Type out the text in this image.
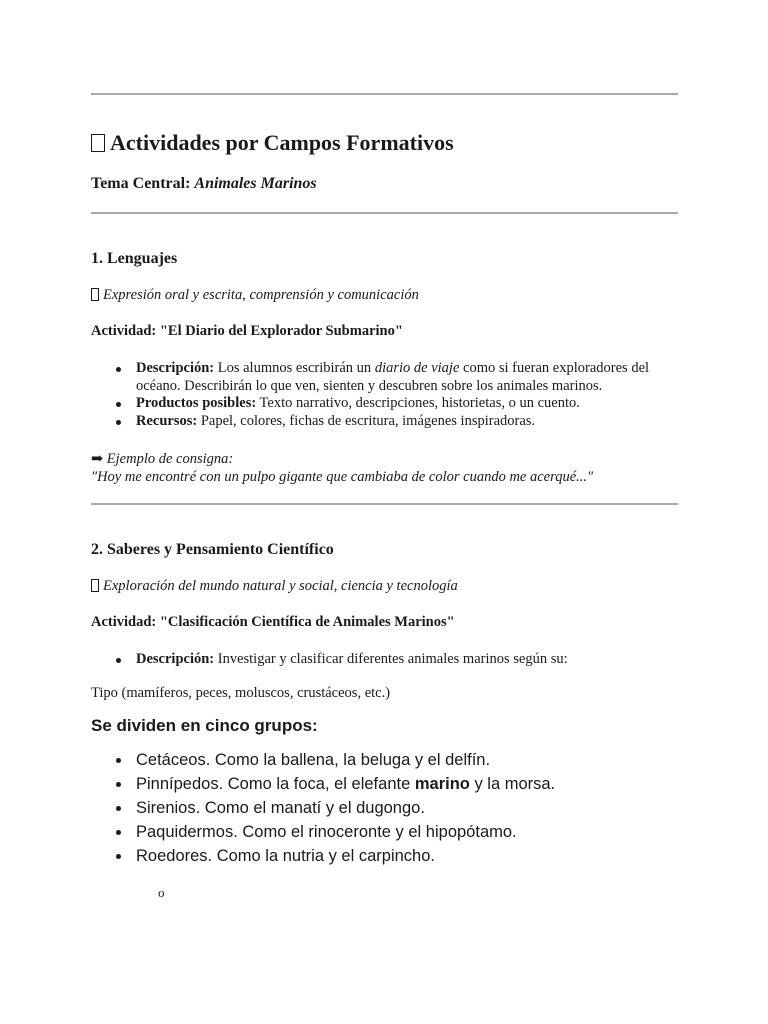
Actividades por Campos Formativos
Tema Central: Animales Marinos
1. Lenguajes
Expresión oral y escrita, comprensión y comunicación
Actividad: "El Diario del Explorador Submarino"
Descripción: Los alumnos escribirán un diario de viaje como si fueran exploradores del océano. Describirán lo que ven, sienten y descubren sobre los animales marinos.
Productos posibles: Texto narrativo, descripciones, historietas, o un cuento.
Recursos: Papel, colores, fichas de escritura, imágenes inspiradoras.
➡ Ejemplo de consigna:
"Hoy me encontré con un pulpo gigante que cambiaba de color cuando me acerqué..."
2. Saberes y Pensamiento Científico
Exploración del mundo natural y social, ciencia y tecnología
Actividad: "Clasificación Científica de Animales Marinos"
Descripción: Investigar y clasificar diferentes animales marinos según su:
Tipo (mamíferos, peces, moluscos, crustáceos, etc.)
Se dividen en cinco grupos:
Cetáceos. Como la ballena, la beluga y el delfín.
Pinnípedos. Como la foca, el elefante marino y la morsa.
Sirenios. Como el manatí y el dugongo.
Paquidermos. Como el rinoceronte y el hipopótamo.
Roedores. Como la nutria y el carpincho.
o
